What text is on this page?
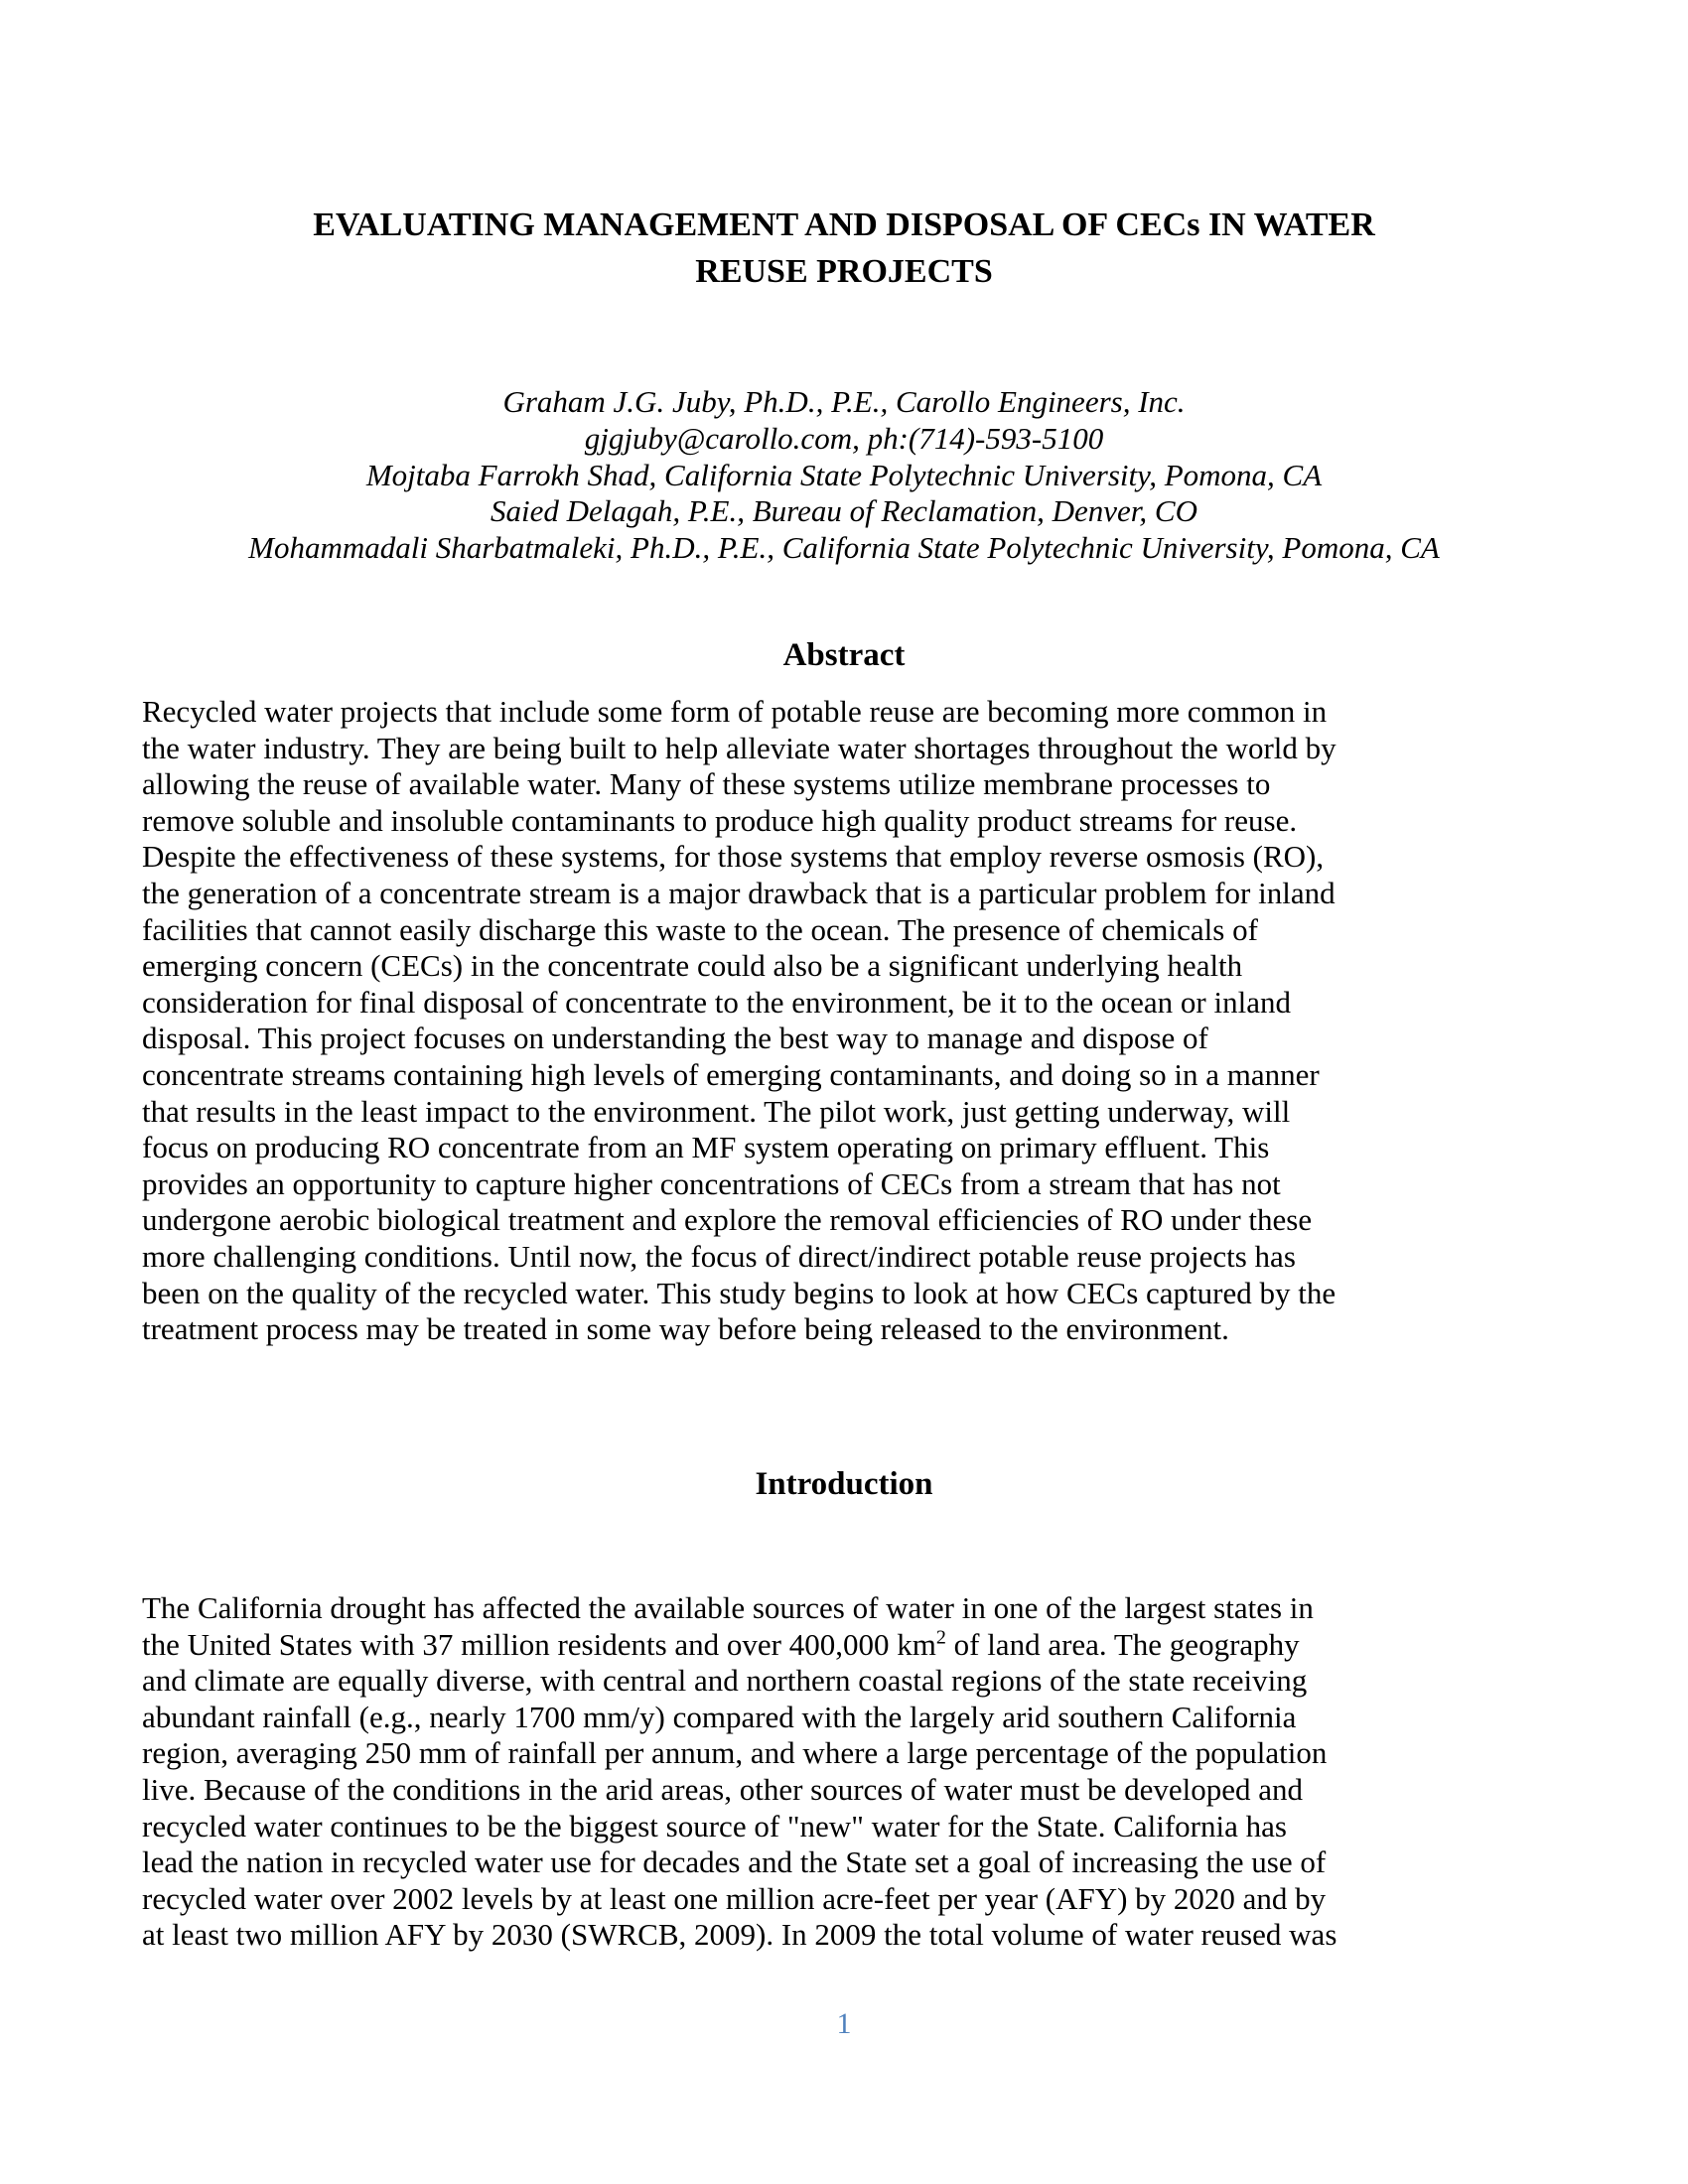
EVALUATING MANAGEMENT AND DISPOSAL OF CECs IN WATER
REUSE PROJECTS
Graham J.G. Juby, Ph.D., P.E., Carollo Engineers, Inc.
gjgjuby@carollo.com, ph:(714)-593-5100
Mojtaba Farrokh Shad, California State Polytechnic University, Pomona, CA
Saied Delagah, P.E., Bureau of Reclamation, Denver, CO
Mohammadali Sharbatmaleki, Ph.D., P.E., California State Polytechnic University, Pomona, CA
Abstract
Recycled water projects that include some form of potable reuse are becoming more common in
the water industry. They are being built to help alleviate water shortages throughout the world by
allowing the reuse of available water. Many of these systems utilize membrane processes to
remove soluble and insoluble contaminants to produce high quality product streams for reuse.
Despite the effectiveness of these systems, for those systems that employ reverse osmosis (RO),
the generation of a concentrate stream is a major drawback that is a particular problem for inland
facilities that cannot easily discharge this waste to the ocean. The presence of chemicals of
emerging concern (CECs) in the concentrate could also be a significant underlying health
consideration for final disposal of concentrate to the environment, be it to the ocean or inland
disposal. This project focuses on understanding the best way to manage and dispose of
concentrate streams containing high levels of emerging contaminants, and doing so in a manner
that results in the least impact to the environment. The pilot work, just getting underway, will
focus on producing RO concentrate from an MF system operating on primary effluent. This
provides an opportunity to capture higher concentrations of CECs from a stream that has not
undergone aerobic biological treatment and explore the removal efficiencies of RO under these
more challenging conditions. Until now, the focus of direct/indirect potable reuse projects has
been on the quality of the recycled water. This study begins to look at how CECs captured by the
treatment process may be treated in some way before being released to the environment.
Introduction
The California drought has affected the available sources of water in one of the largest states in
the United States with 37 million residents and over 400,000 $km^2$ of land area. The geography
and climate are equally diverse, with central and northern coastal regions of the state receiving
abundant rainfall (e.g., nearly 1700 mm/y) compared with the largely arid southern California
region, averaging 250 mm of rainfall per annum, and where a large percentage of the population
live. Because of the conditions in the arid areas, other sources of water must be developed and
recycled water continues to be the biggest source of "new" water for the State. California has
lead the nation in recycled water use for decades and the State set a goal of increasing the use of
recycled water over 2002 levels by at least one million acre-feet per year (AFY) by 2020 and by
at least two million AFY by 2030 (SWRCB, 2009). In 2009 the total volume of water reused was
1
